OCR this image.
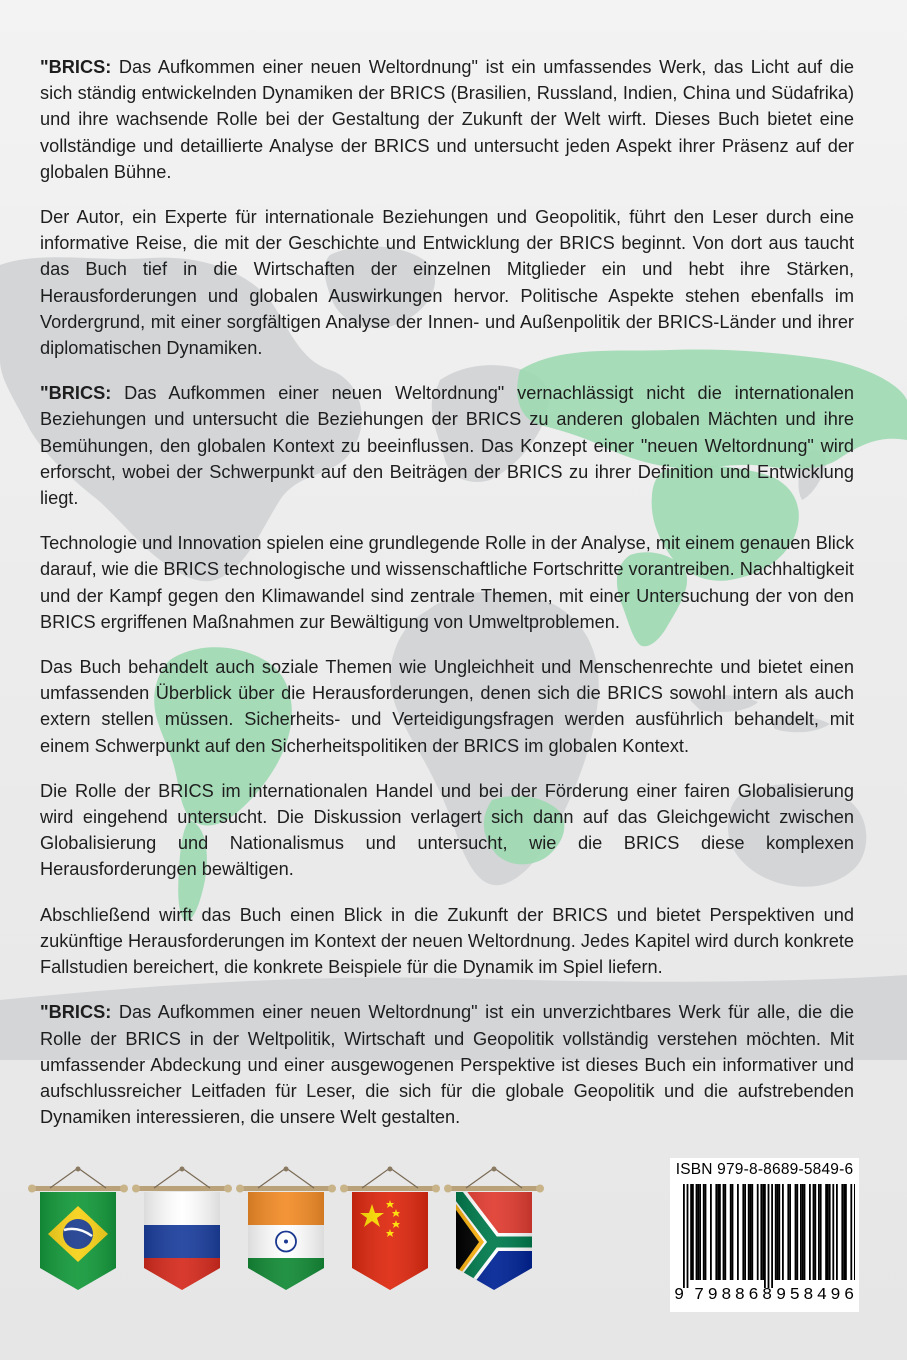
"BRICS: Das Aufkommen einer neuen Weltordnung" ist ein umfassendes Werk, das Licht auf die sich ständig entwickelnden Dynamiken der BRICS (Brasilien, Russland, Indien, China und Südafrika) und ihre wachsende Rolle bei der Gestaltung der Zukunft der Welt wirft. Dieses Buch bietet eine vollständige und detaillierte Analyse der BRICS und untersucht jeden Aspekt ihrer Präsenz auf der globalen Bühne.

Der Autor, ein Experte für internationale Beziehungen und Geopolitik, führt den Leser durch eine informative Reise, die mit der Geschichte und Entwicklung der BRICS beginnt. Von dort aus taucht das Buch tief in die Wirtschaften der einzelnen Mitglieder ein und hebt ihre Stärken, Herausforderungen und globalen Auswirkungen hervor. Politische Aspekte stehen ebenfalls im Vordergrund, mit einer sorgfältigen Analyse der Innen- und Außenpolitik der BRICS-Länder und ihrer diplomatischen Dynamiken.

"BRICS: Das Aufkommen einer neuen Weltordnung" vernachlässigt nicht die internationalen Beziehungen und untersucht die Beziehungen der BRICS zu anderen globalen Mächten und ihre Bemühungen, den globalen Kontext zu beeinflussen. Das Konzept einer "neuen Weltordnung" wird erforscht, wobei der Schwerpunkt auf den Beiträgen der BRICS zu ihrer Definition und Entwicklung liegt.

Technologie und Innovation spielen eine grundlegende Rolle in der Analyse, mit einem genauen Blick darauf, wie die BRICS technologische und wissenschaftliche Fortschritte vorantreiben. Nachhaltigkeit und der Kampf gegen den Klimawandel sind zentrale Themen, mit einer Untersuchung der von den BRICS ergriffenen Maßnahmen zur Bewältigung von Umweltproblemen.

Das Buch behandelt auch soziale Themen wie Ungleichheit und Menschenrechte und bietet einen umfassenden Überblick über die Herausforderungen, denen sich die BRICS sowohl intern als auch extern stellen müssen. Sicherheits- und Verteidigungsfragen werden ausführlich behandelt, mit einem Schwerpunkt auf den Sicherheitspolitiken der BRICS im globalen Kontext.

Die Rolle der BRICS im internationalen Handel und bei der Förderung einer fairen Globalisierung wird eingehend untersucht. Die Diskussion verlagert sich dann auf das Gleichgewicht zwischen Globalisierung und Nationalismus und untersucht, wie die BRICS diese komplexen Herausforderungen bewältigen.

Abschließend wirft das Buch einen Blick in die Zukunft der BRICS und bietet Perspektiven und zukünftige Herausforderungen im Kontext der neuen Weltordnung. Jedes Kapitel wird durch konkrete Fallstudien bereichert, die konkrete Beispiele für die Dynamik im Spiel liefern.

"BRICS: Das Aufkommen einer neuen Weltordnung" ist ein unverzichtbares Werk für alle, die die Rolle der BRICS in der Weltpolitik, Wirtschaft und Geopolitik vollständig verstehen möchten. Mit umfassender Abdeckung und einer ausgewogenen Perspektive ist dieses Buch ein informativer und aufschlussreicher Leitfaden für Leser, die sich für die globale Geopolitik und die aufstrebenden Dynamiken interessieren, die unsere Welt gestalten.

ISBN 979-8-8689-5849-6
9 798868 958496
